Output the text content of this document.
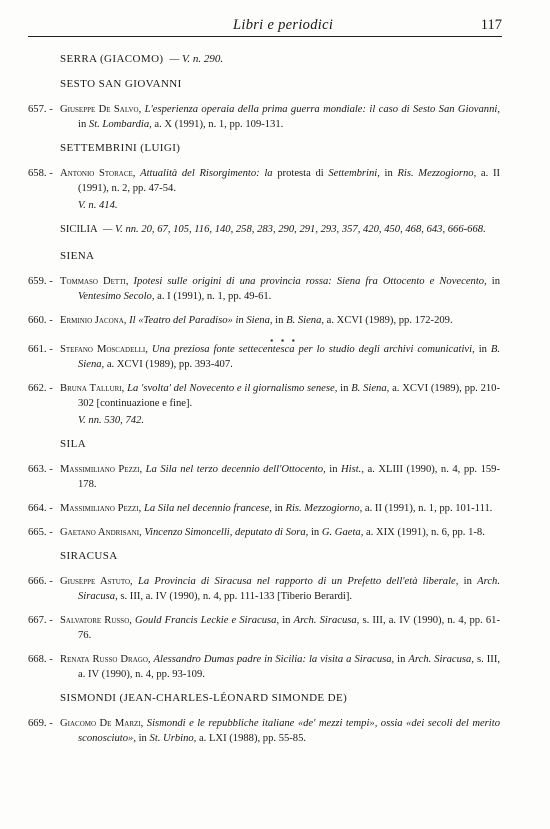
Libri e periodici	117
SERRA (GIACOMO) — V. n. 290.
SESTO SAN GIOVANNI
657. - Giuseppe De Salvo, L'esperienza operaia della prima guerra mondiale: il caso di Sesto San Giovanni, in St. Lombardia, a. X (1991), n. 1, pp. 109-131.
SETTEMBRINI (LUIGI)
658. - Antonio Storace, Attualità del Risorgimento: la protesta di Settembrini, in Ris. Mezzogiorno, a. II (1991), n. 2, pp. 47-54.
V. n. 414.
SICILIA — V. nn. 20, 67, 105, 116, 140, 258, 283, 290, 291, 293, 357, 420, 450, 468, 643, 666-668.
SIENA
659. - Tommaso Detti, Ipotesi sulle origini di una provincia rossa: Siena fra Ottocento e Novecento, in Ventesimo Secolo, a. I (1991), n. 1, pp. 49-61.
660. - Erminio Jacona, Il «Teatro del Paradiso» in Siena, in B. Siena, a. XCVI (1989), pp. 172-209.
▪ ▪ ▪
661. - Stefano Moscadelli, Una preziosa fonte settecentesca per lo studio degli archivi comunicativi, in B. Siena, a. XCVI (1989), pp. 393-407.
662. - Bruna Talluri, La 'svolta' del Novecento e il giornalismo senese, in B. Siena, a. XCVI (1989), pp. 210-302 [continuazione e fine].
V. nn. 530, 742.
SILA
663. - Massimiliano Pezzi, La Sila nel terzo decennio dell'Ottocento, in Hist., a. XLIII (1990), n. 4, pp. 159-178.
664. - Massimiliano Pezzi, La Sila nel decennio francese, in Ris. Mezzogiorno, a. II (1991), n. 1, pp. 101-111.
665. - Gaetano Andrisani, Vincenzo Simoncelli, deputato di Sora, in G. Gaeta, a. XIX (1991), n. 6, pp. 1-8.
SIRACUSA
666. - Giuseppe Astuto, La Provincia di Siracusa nel rapporto di un Prefetto dell'età liberale, in Arch. Siracusa, s. III, a. IV (1990), n. 4, pp. 111-133 [Tiberio Berardi].
667. - Salvatore Russo, Gould Francis Leckie e Siracusa, in Arch. Siracusa, s. III, a. IV (1990), n. 4, pp. 61-76.
668. - Renata Russo Drago, Alessandro Dumas padre in Sicilia: la visita a Siracusa, in Arch. Siracusa, s. III, a. IV (1990), n. 4, pp. 93-109.
SISMONDI (JEAN-CHARLES-LÉONARD SIMONDE DE)
669. - Giacomo De Marzi, Sismondi e le repubbliche italiane «de' mezzi tempi», ossia «dei secoli del merito sconosciuto», in St. Urbino, a. LXI (1988), pp. 55-85.
